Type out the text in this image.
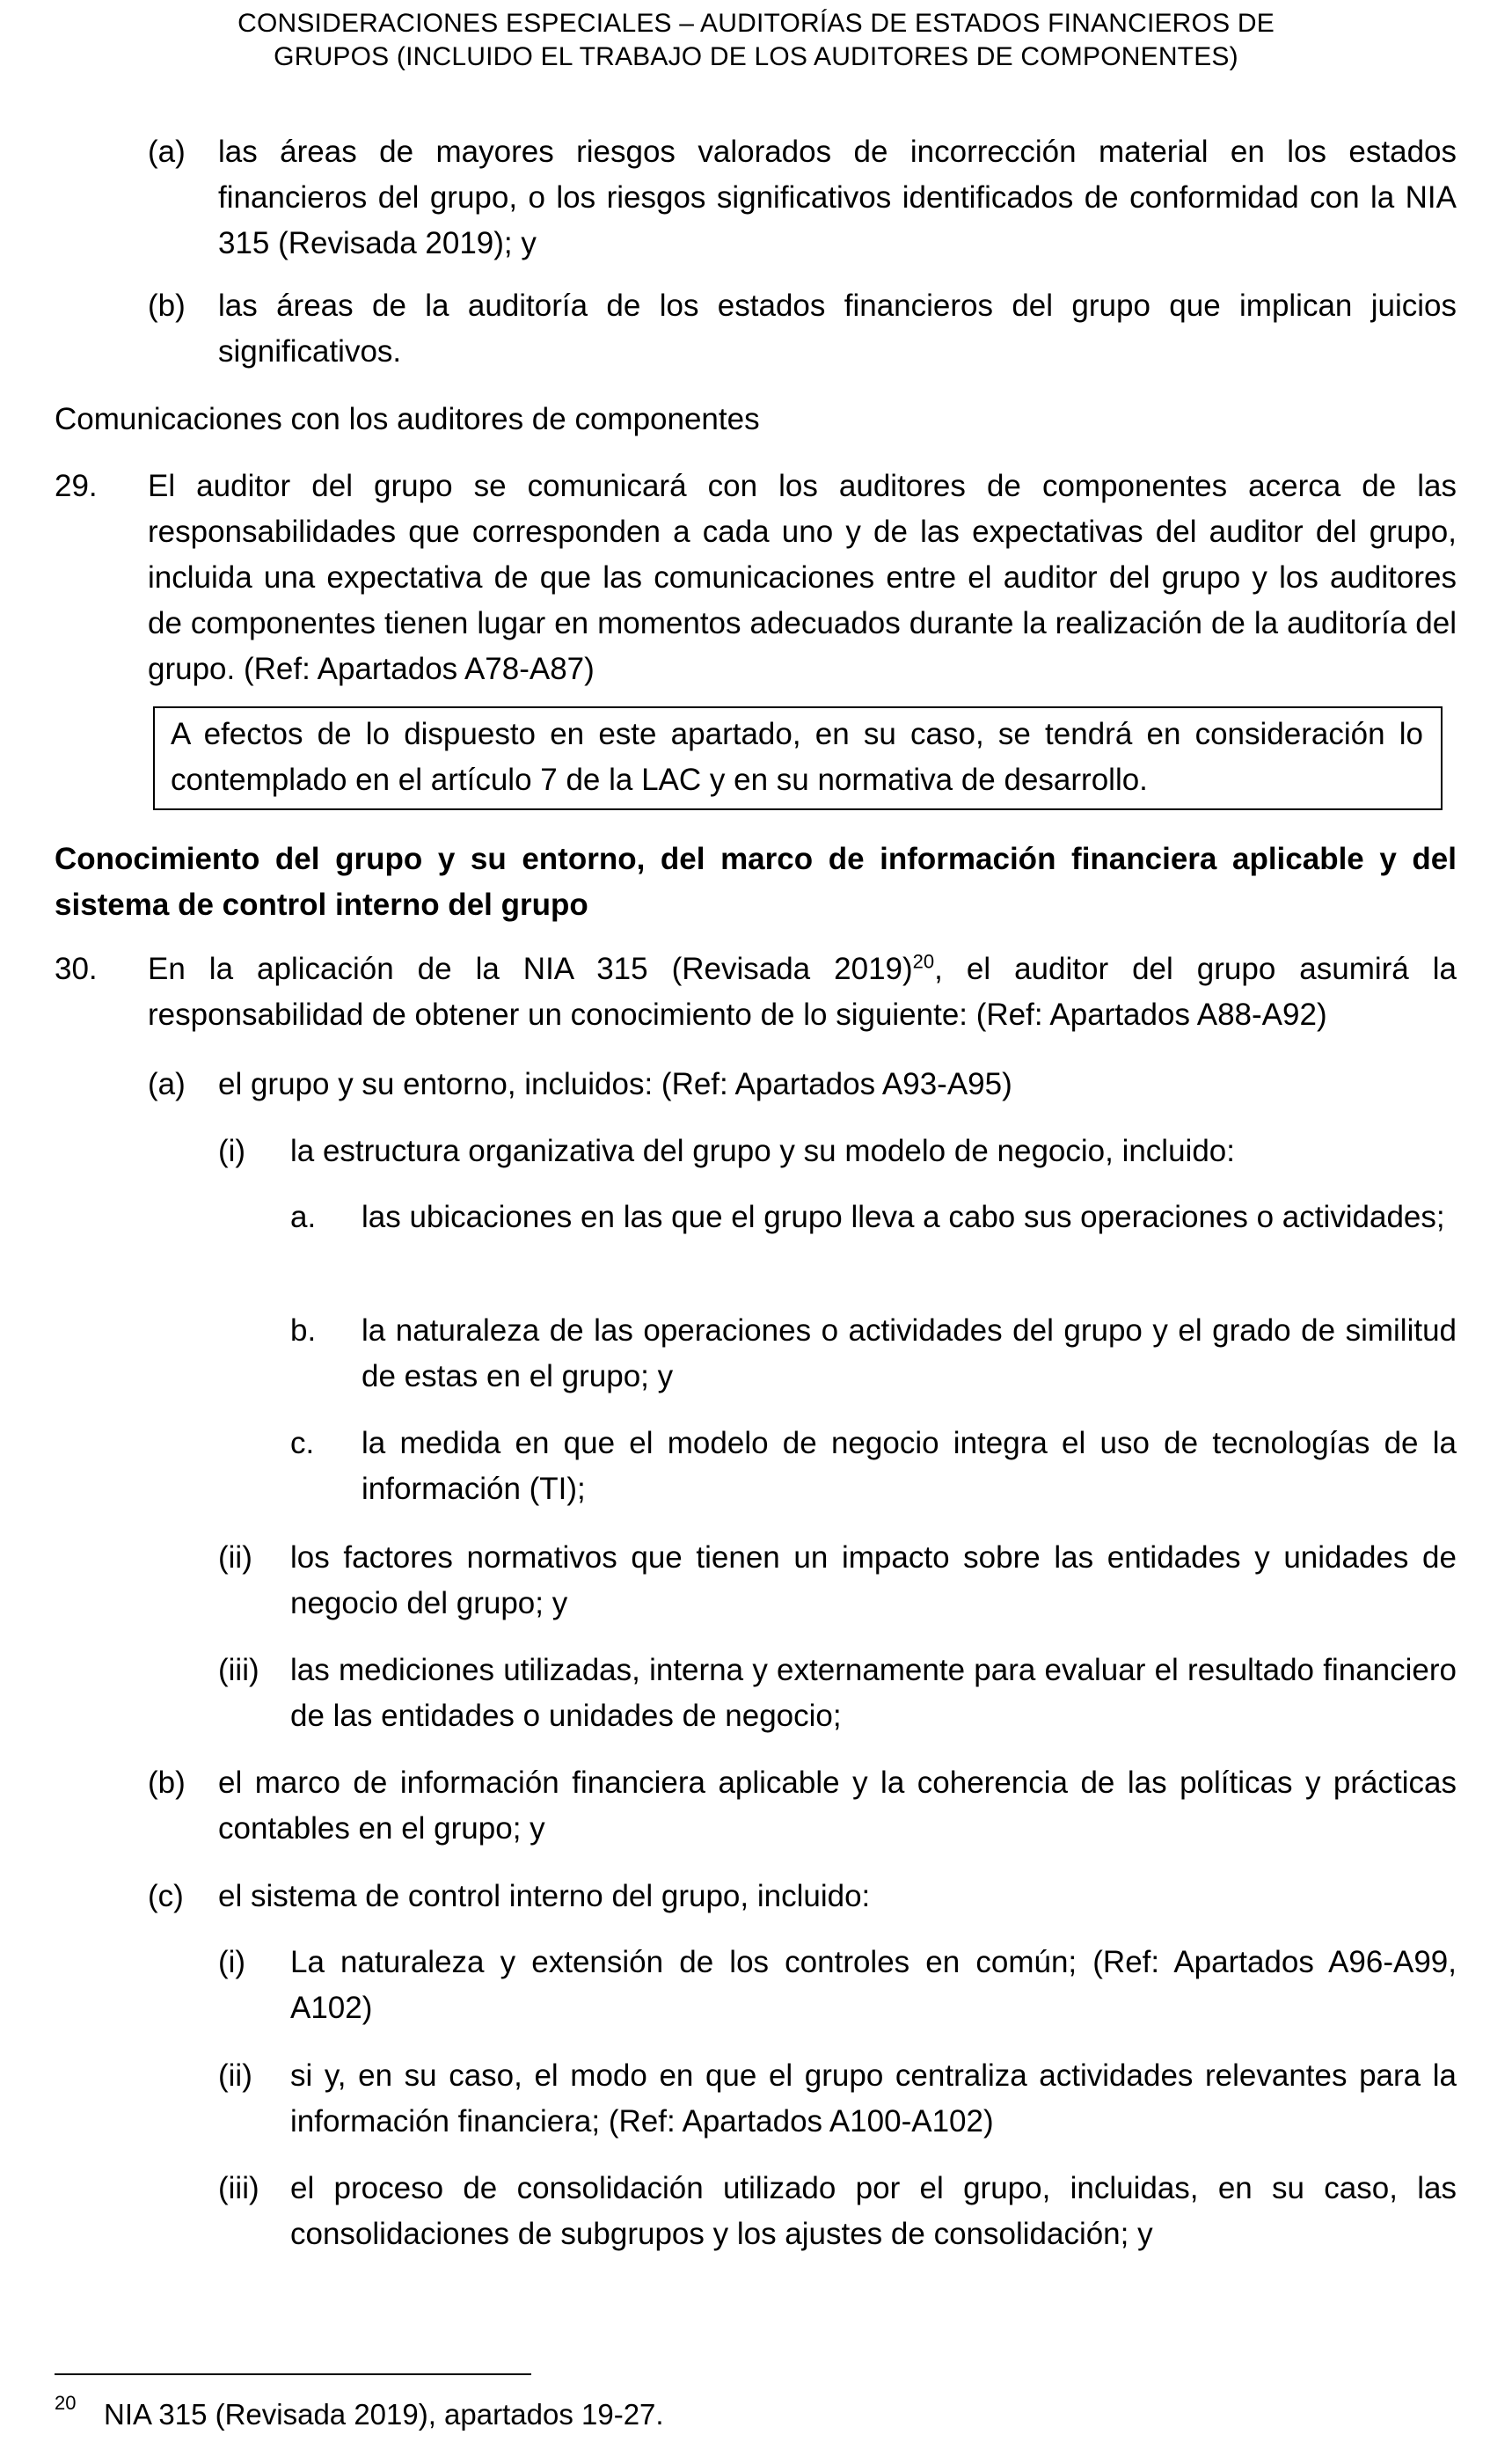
CONSIDERACIONES ESPECIALES – AUDITORÍAS DE ESTADOS FINANCIEROS DE
GRUPOS (INCLUIDO EL TRABAJO DE LOS AUDITORES DE COMPONENTES)
(a) las áreas de mayores riesgos valorados de incorrección material en los estados financieros del grupo, o los riesgos significativos identificados de conformidad con la NIA 315 (Revisada 2019); y
(b) las áreas de la auditoría de los estados financieros del grupo que implican juicios significativos.
Comunicaciones con los auditores de componentes
29. El auditor del grupo se comunicará con los auditores de componentes acerca de las responsabilidades que corresponden a cada uno y de las expectativas del auditor del grupo, incluida una expectativa de que las comunicaciones entre el auditor del grupo y los auditores de componentes tienen lugar en momentos adecuados durante la realización de la auditoría del grupo. (Ref: Apartados A78-A87)
A efectos de lo dispuesto en este apartado, en su caso, se tendrá en consideración lo contemplado en el artículo 7 de la LAC y en su normativa de desarrollo.
Conocimiento del grupo y su entorno, del marco de información financiera aplicable y del sistema de control interno del grupo
30. En la aplicación de la NIA 315 (Revisada 2019)$^{20}$, el auditor del grupo asumirá la responsabilidad de obtener un conocimiento de lo siguiente: (Ref: Apartados A88-A92)
(a) el grupo y su entorno, incluidos: (Ref: Apartados A93-A95)
(i) la estructura organizativa del grupo y su modelo de negocio, incluido:
a. las ubicaciones en las que el grupo lleva a cabo sus operaciones o actividades;
b. la naturaleza de las operaciones o actividades del grupo y el grado de similitud de estas en el grupo; y
c. la medida en que el modelo de negocio integra el uso de tecnologías de la información (TI);
(ii) los factores normativos que tienen un impacto sobre las entidades y unidades de negocio del grupo; y
(iii) las mediciones utilizadas, interna y externamente para evaluar el resultado financiero de las entidades o unidades de negocio;
(b) el marco de información financiera aplicable y la coherencia de las políticas y prácticas contables en el grupo; y
(c) el sistema de control interno del grupo, incluido:
(i) La naturaleza y extensión de los controles en común; (Ref: Apartados A96-A99, A102)
(ii) si y, en su caso, el modo en que el grupo centraliza actividades relevantes para la información financiera; (Ref: Apartados A100-A102)
(iii) el proceso de consolidación utilizado por el grupo, incluidas, en su caso, las consolidaciones de subgrupos y los ajustes de consolidación; y
20 NIA 315 (Revisada 2019), apartados 19-27.
